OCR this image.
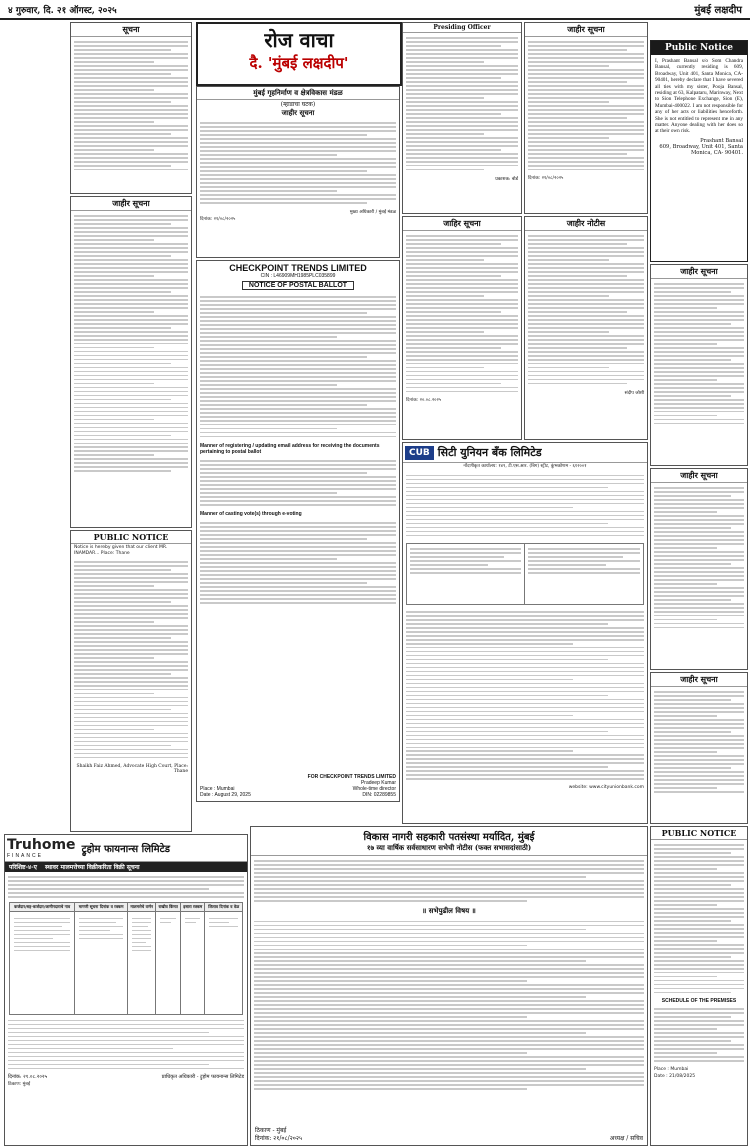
४ गुरुवार, दि. २१ ऑगस्ट, २०२५	मुंबई लक्षदीप
सूचना
जाहीर सूचना
PUBLIC NOTICE
Notice is hereby given that our client MR. INAMDAR... Place: Thane
Shaikh Faiz Ahmed, Advocate High Court, Place: Thane
रोज वाचा
दै. 'मुंबई लक्षदीप'
मुंबई गृहनिर्माण व क्षेत्रविकास मंडळ
(म्हाडाचा घटक)
जाहीर सूचना
मुख्य अधिकारी / मुंबई मंडळ
दिनांक: २१/०८/२०२५
CHECKPOINT TRENDS LIMITED
CIN : L46909MH1985PLC035899
NOTICE OF POSTAL BALLOT
Manner of registering / updating email address for receiving the documents pertaining to postal ballot
Manner of casting vote(s) through e-voting
FOR CHECKPOINT TRENDS LIMITED
Pradeep Kumar
Place : Mumbai	Whole-time director
Date : August 29, 2025	DIN: 02289855
Presiding Officer
प्रकाशक: बोर्ड
जाहिर सूचना
दिनांक: २०.०८.२०२५
जाहीर सूचना
दिनांक: २१/०८/२०२५
जाहीर नोटीस
संदीप जोशी
Public Notice
I, Prashant Bansal s/o Som Chandra Bansal, currently residing is 609, Broadway, Unit 401, Santa Monica, CA- 90401, hereby declare that I have severed all ties with my sister, Pooja Bansal, residing at 63, Kalpataru, Marinway, Next to Sion Telephone Exchange, Sion (E), Mumbai-400022. I am not responsible for any of her acts or liabilities henceforth. She is not entitled to represent me in any matter. Anyone dealing with her does so at their own risk.
Prashant Bansal
609, Broadway, Unit 401, Santa Monica, CA- 90401.
जाहीर सूचना
जाहीर सूचना
जाहीर सूचना
PUBLIC NOTICE
SCHEDULE OF THE PREMISES
Place : Mumbai
Date : 21/08/2025
CUB सिटी युनियन बँक लिमिटेड
नोंदणीकृत कार्यालय: १४९, टी.एस.आर. (बिग) स्ट्रीट, कुंभकोणम - ६१२००१
website: www.cityunionbank.com
Truhome
FINANCE
ट्रुहोम फायनान्स लिमिटेड
परिशिष्ट-४-ए	स्थावर मालमत्तेच्या विक्रीकरिता विक्री सूचना
कर्जदार/सह-कर्जदार/जामीनदाराचे नाव	मागणी सूचना दिनांक व रक्कम	मालमत्तेचे वर्णन	राखीव किंमत	इसारा रक्कम	लिलाव दिनांक व वेळ

दिनांक: २१.०८.२०२५	प्राधिकृत अधिकारी - ट्रुहोम फायनान्स लिमिटेड
ठिकाण: मुंबई
विकास नागरी सहकारी पतसंस्था मर्यादित, मुंबई
१७ व्या वार्षिक सर्वसाधारण सभेची नोटीस (फक्त सभासदांसाठी)
॥ सभेपुढील विषय ॥
ठिकाण - मुंबई
दिनांक: २१/०८/२०२५	अध्यक्ष / सचिव
